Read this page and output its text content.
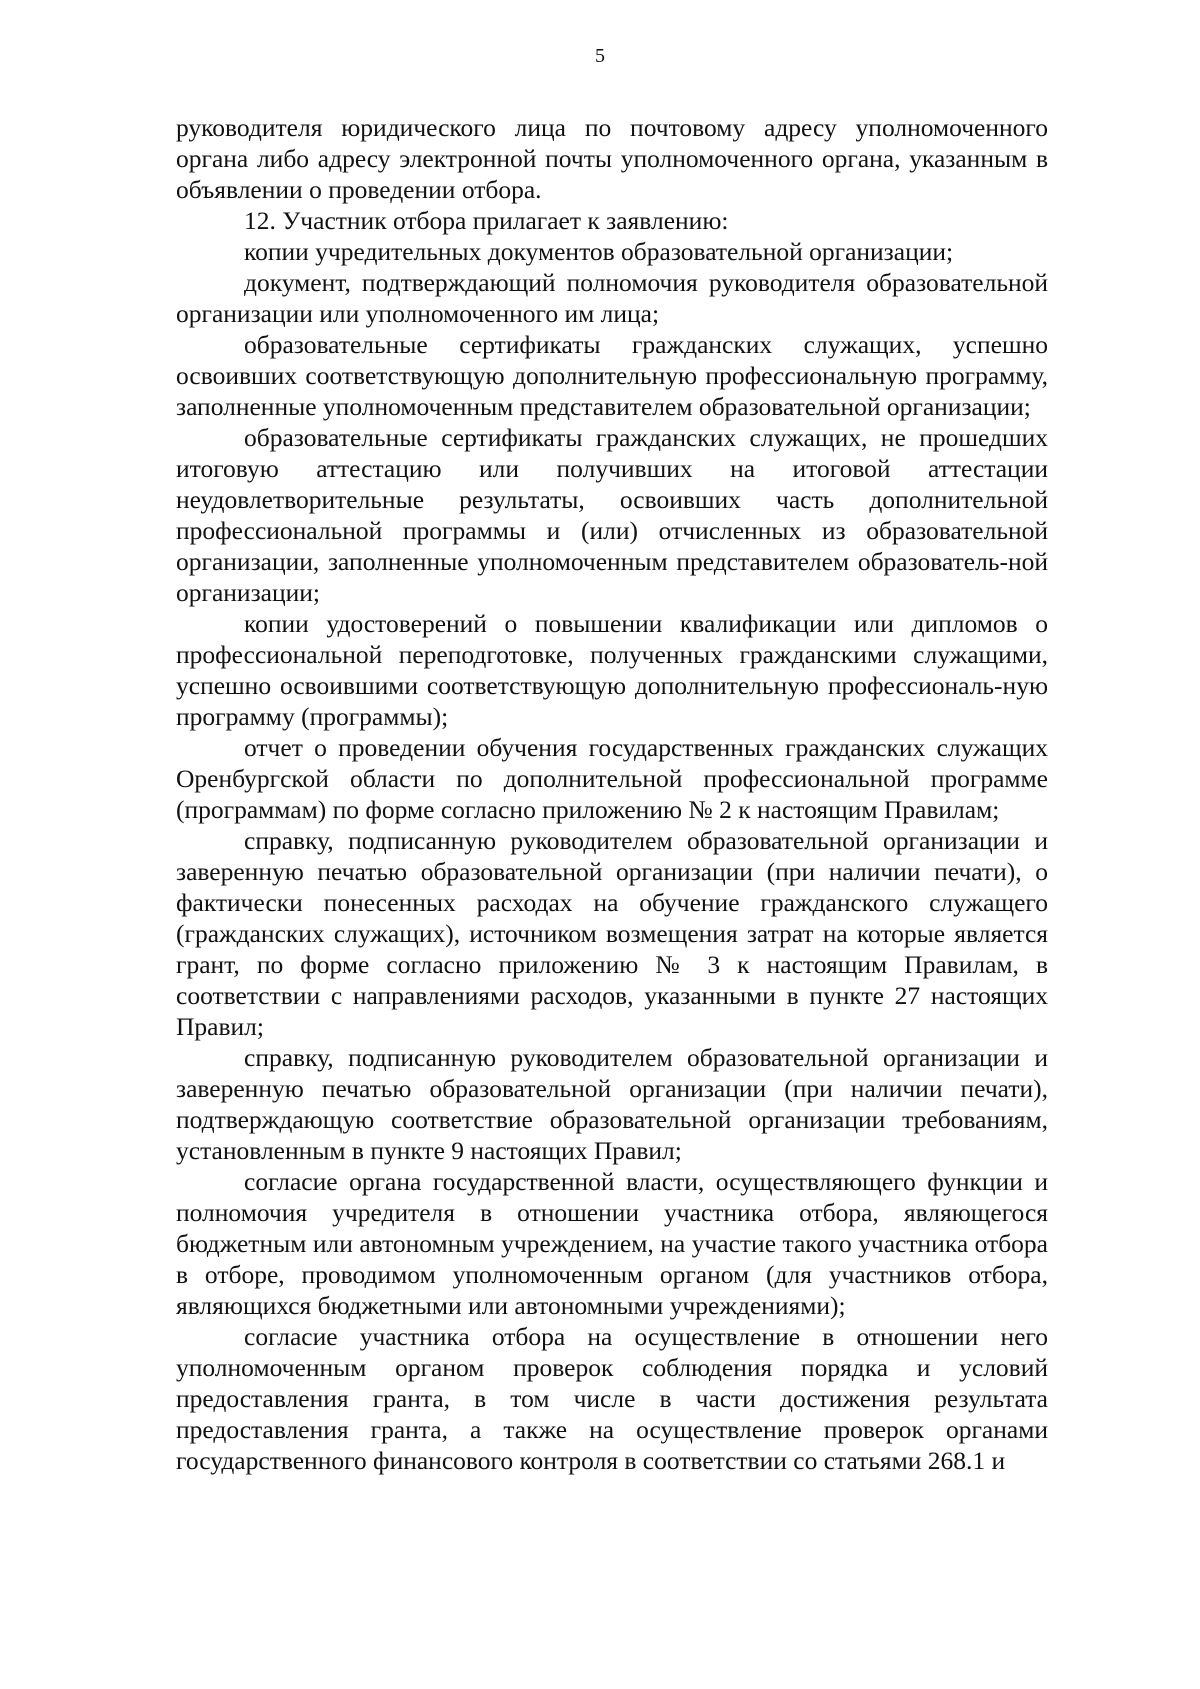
5

руководителя юридического лица по почтовому адресу уполномоченного органа либо адресу электронной почты уполномоченного органа, указанным в объявлении о проведении отбора.

12. Участник отбора прилагает к заявлению:

копии учредительных документов образовательной организации;

документ, подтверждающий полномочия руководителя образовательной организации или уполномоченного им лица;

образовательные сертификаты гражданских служащих, успешно освоивших соответствующую дополнительную профессиональную программу, заполненные уполномоченным представителем образовательной организации;

образовательные сертификаты гражданских служащих, не прошедших итоговую аттестацию или получивших на итоговой аттестации неудовлетворительные результаты, освоивших часть дополнительной профессиональной программы и (или) отчисленных из образовательной организации, заполненные уполномоченным представителем образователь-ной организации;

копии удостоверений о повышении квалификации или дипломов о профессиональной переподготовке, полученных гражданскими служащими, успешно освоившими соответствующую дополнительную профессиональ-ную программу (программы);

отчет о проведении обучения государственных гражданских служащих Оренбургской области по дополнительной профессиональной программе (программам) по форме согласно приложению № 2 к настоящим Правилам;

справку, подписанную руководителем образовательной организации и заверенную печатью образовательной организации (при наличии печати), о фактически понесенных расходах на обучение гражданского служащего (гражданских служащих), источником возмещения затрат на которые является грант, по форме согласно приложению № 3 к настоящим Правилам, в соответствии с направлениями расходов, указанными в пункте 27 настоящих Правил;

справку, подписанную руководителем образовательной организации и заверенную печатью образовательной организации (при наличии печати), подтверждающую соответствие образовательной организации требованиям, установленным в пункте 9 настоящих Правил;

согласие органа государственной власти, осуществляющего функции и полномочия учредителя в отношении участника отбора, являющегося бюджетным или автономным учреждением, на участие такого участника отбора в отборе, проводимом уполномоченным органом (для участников отбора, являющихся бюджетными или автономными учреждениями);

согласие участника отбора на осуществление в отношении него уполномоченным органом проверок соблюдения порядка и условий предоставления гранта, в том числе в части достижения результата предоставления гранта, а также на осуществление проверок органами государственного финансового контроля в соответствии со статьями 268.1 и
